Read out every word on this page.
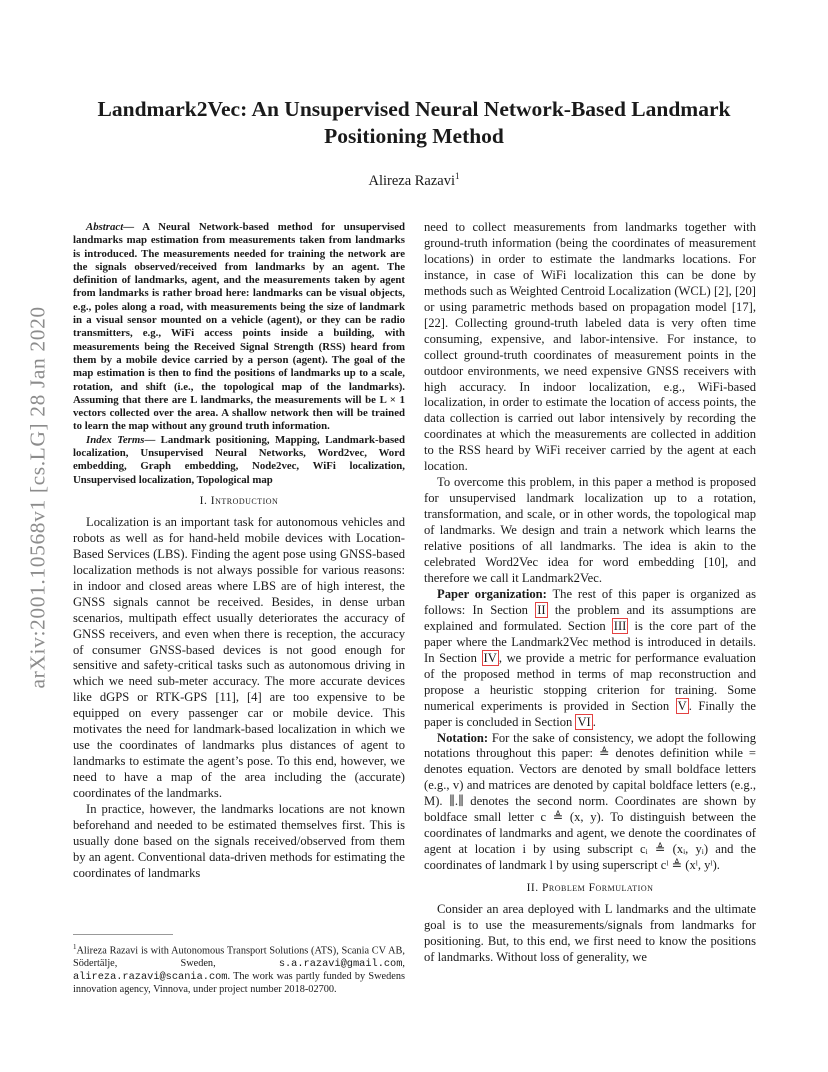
arXiv:2001.10568v1 [cs.LG] 28 Jan 2020
Landmark2Vec: An Unsupervised Neural Network-Based Landmark
Positioning Method
Alireza Razavi$^1$

Abstract— A Neural Network-based method for unsupervised landmarks map estimation from measurements taken from landmarks is introduced. The measurements needed for training the network are the signals observed/received from landmarks by an agent. The definition of landmarks, agent, and the measurements taken by agent from landmarks is rather broad here: landmarks can be visual objects, e.g., poles along a road, with measurements being the size of landmark in a visual sensor mounted on a vehicle (agent), or they can be radio transmitters, e.g., WiFi access points inside a building, with measurements being the Received Signal Strength (RSS) heard from them by a mobile device carried by a person (agent). The goal of the map estimation is then to find the positions of landmarks up to a scale, rotation, and shift (i.e., the topological map of the landmarks). Assuming that there are L landmarks, the measurements will be L × 1 vectors collected over the area. A shallow network then will be trained to learn the map without any ground truth information.

Index Terms— Landmark positioning, Mapping, Landmark-based localization, Unsupervised Neural Networks, Word2vec, Word embedding, Graph embedding, Node2vec, WiFi localization, Unsupervised localization, Topological map

I. Introduction

Localization is an important task for autonomous vehicles and robots as well as for hand-held mobile devices with Location-Based Services (LBS). Finding the agent pose using GNSS-based localization methods is not always possible for various reasons: in indoor and closed areas where LBS are of high interest, the GNSS signals cannot be received. Besides, in dense urban scenarios, multipath effect usually deteriorates the accuracy of GNSS receivers, and even when there is reception, the accuracy of consumer GNSS-based devices is not good enough for sensitive and safety-critical tasks such as autonomous driving in which we need sub-meter accuracy. The more accurate devices like dGPS or RTK-GPS [11], [4] are too expensive to be equipped on every passenger car or mobile device. This motivates the need for landmark-based localization in which we use the coordinates of landmarks plus distances of agent to landmarks to estimate the agent’s pose. To this end, however, we need to have a map of the area including the (accurate) coordinates of the landmarks.

In practice, however, the landmarks locations are not known beforehand and needed to be estimated themselves first. This is usually done based on the signals received/observed from them by an agent. Conventional data-driven methods for estimating the coordinates of landmarks

$^1$Alireza Razavi is with Autonomous Transport Solutions (ATS), Scania CV AB, Södertälje, Sweden,	s.a.razavi@gmail.com, alireza.razavi@scania.com. The work was partly funded by Swedens innovation agency, Vinnova, under project number 2018-02700.

need to collect measurements from landmarks together with ground-truth information (being the coordinates of measurement locations) in order to estimate the landmarks locations. For instance, in case of WiFi localization this can be done by methods such as Weighted Centroid Localization (WCL) [2], [20] or using parametric methods based on propagation model [17], [22]. Collecting ground-truth labeled data is very often time consuming, expensive, and labor-intensive. For instance, to collect ground-truth coordinates of measurement points in the outdoor environments, we need expensive GNSS receivers with high accuracy. In indoor localization, e.g., WiFi-based localization, in order to estimate the location of access points, the data collection is carried out labor intensively by recording the coordinates at which the measurements are collected in addition to the RSS heard by WiFi receiver carried by the agent at each location.

To overcome this problem, in this paper a method is proposed for unsupervised landmark localization up to a rotation, transformation, and scale, or in other words, the topological map of landmarks. We design and train a network which learns the relative positions of all landmarks. The idea is akin to the celebrated Word2Vec idea for word embedding [10], and therefore we call it Landmark2Vec.

Paper organization: The rest of this paper is organized as follows: In Section II the problem and its assumptions are explained and formulated. Section III is the core part of the paper where the Landmark2Vec method is introduced in details. In Section IV , we provide a metric for performance evaluation of the proposed method in terms of map reconstruction and propose a heuristic stopping criterion for training. Some numerical experiments is provided in Section V . Finally the paper is concluded in Section VI .

Notation: For the sake of consistency, we adopt the following notations throughout this paper: ≜ denotes definition while = denotes equation. Vectors are denoted by small boldface letters (e.g., v) and matrices are denoted by capital boldface letters (e.g., M). ∥.∥ denotes the second norm. Coordinates are shown by boldface small letter c ≜ (x, y). To distinguish between the coordinates of landmarks and agent, we denote the coordinates of agent at location i by using subscript cᵢ ≜ (xᵢ, yᵢ) and the coordinates of landmark l by using superscript cˡ ≜ (xˡ, yˡ).

II. Problem Formulation

Consider an area deployed with L landmarks and the ultimate goal is to use the measurements/signals from landmarks for positioning. But, to this end, we first need to know the positions of landmarks. Without loss of generality, we
